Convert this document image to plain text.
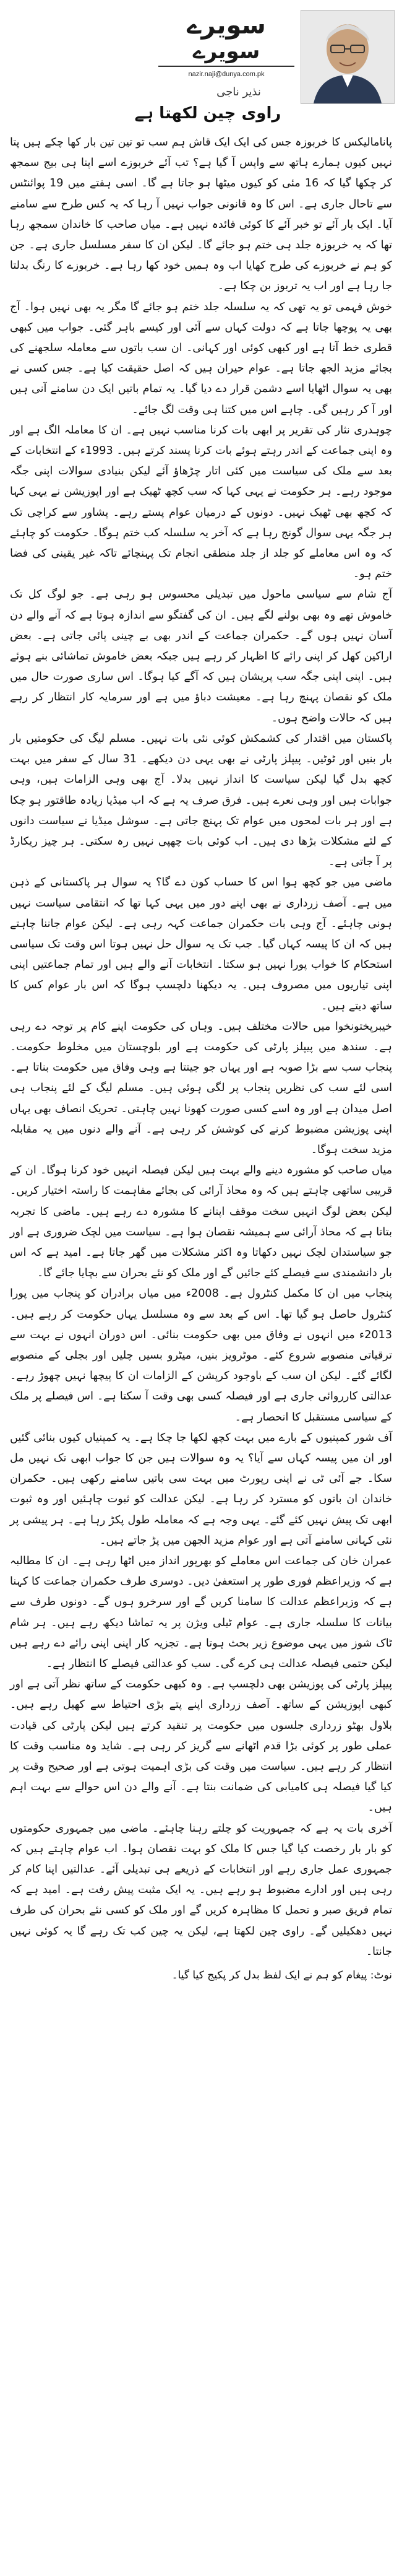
سویرے
سویرے
nazir.naji@dunya.com.pk
نذیر ناجی
راوی چین لکھتا ہے

پانامالیکس کا خربوزہ جس کی ایک ایک قاش ہم سب تو تین تین بار کھا چکے ہیں پتا نہیں کیوں ہمارے ہاتھ سے واپس آ گیا ہے؟ تب آئے خربوزے اسے اپنا ہی بیج سمجھ کر چکھا گیا کہ 16 مئی کو کیوں میٹھا ہو جاتا ہے گا۔ اسی ہفتے میں 19 پوائنٹس سے تاحال جاری ہے۔ اس کا وہ قانونی جواب نہیں آ رہا کہ یہ کس طرح سے سامنے آیا۔ ایک بار آئے تو خبر آئے کا کوئی فائدہ نہیں ہے۔ میاں صاحب کا خاندان سمجھ رہا تھا کہ یہ خربوزہ جلد ہی ختم ہو جائے گا۔ لیکن ان کا سفر مسلسل جاری ہے۔ جن کو ہم نے خربوزے کی طرح کھایا اب وہ ہمیں خود کھا رہا ہے۔ خربوزے کا رنگ بدلتا جا رہا ہے اور اب یہ تربوز بن چکا ہے۔

خوش فہمی تو یہ تھی کہ یہ سلسلہ جلد ختم ہو جائے گا مگر یہ بھی نہیں ہوا۔ آج بھی یہ پوچھا جاتا ہے کہ دولت کہاں سے آئی اور کیسے باہر گئی۔ جواب میں کبھی قطری خط آتا ہے اور کبھی کوئی اور کہانی۔ ان سب باتوں سے معاملہ سلجھنے کی بجائے مزید الجھ جاتا ہے۔ عوام حیران ہیں کہ اصل حقیقت کیا ہے۔ جس کسی نے بھی یہ سوال اٹھایا اسے دشمن قرار دے دیا گیا۔ یہ تمام باتیں ایک دن سامنے آنی ہیں اور آ کر رہیں گی۔ چاہے اس میں کتنا ہی وقت لگ جائے۔

چوہدری نثار کی تقریر پر ابھی بات کرنا مناسب نہیں ہے۔ ان کا معاملہ الگ ہے اور وہ اپنی جماعت کے اندر رہتے ہوئے بات کرنا پسند کرتے ہیں۔ 1993ء کے انتخابات کے بعد سے ملک کی سیاست میں کئی اتار چڑھاؤ آئے لیکن بنیادی سوالات اپنی جگہ موجود رہے۔ ہر حکومت نے یہی کہا کہ سب کچھ ٹھیک ہے اور اپوزیشن نے یہی کہا کہ کچھ بھی ٹھیک نہیں۔ دونوں کے درمیان عوام پستے رہے۔ پشاور سے کراچی تک ہر جگہ یہی سوال گونج رہا ہے کہ آخر یہ سلسلہ کب ختم ہوگا۔ حکومت کو چاہئے کہ وہ اس معاملے کو جلد از جلد منطقی انجام تک پہنچائے تاکہ غیر یقینی کی فضا ختم ہو۔

آج شام سے سیاسی ماحول میں تبدیلی محسوس ہو رہی ہے۔ جو لوگ کل تک خاموش تھے وہ بھی بولنے لگے ہیں۔ ان کی گفتگو سے اندازہ ہوتا ہے کہ آنے والے دن آسان نہیں ہوں گے۔ حکمران جماعت کے اندر بھی بے چینی پائی جاتی ہے۔ بعض اراکین کھل کر اپنی رائے کا اظہار کر رہے ہیں جبکہ بعض خاموش تماشائی بنے ہوئے ہیں۔ اپنی اپنی جگہ سب پریشان ہیں کہ آگے کیا ہوگا۔ اس ساری صورت حال میں ملک کو نقصان پہنچ رہا ہے۔ معیشت دباؤ میں ہے اور سرمایہ کار انتظار کر رہے ہیں کہ حالات واضح ہوں۔

پاکستان میں اقتدار کی کشمکش کوئی نئی بات نہیں۔ مسلم لیگ کی حکومتیں بار بار بنیں اور ٹوٹیں۔ پیپلز پارٹی نے بھی یہی دن دیکھے۔ 31 سال کے سفر میں بہت کچھ بدل گیا لیکن سیاست کا انداز نہیں بدلا۔ آج بھی وہی الزامات ہیں، وہی جوابات ہیں اور وہی نعرے ہیں۔ فرق صرف یہ ہے کہ اب میڈیا زیادہ طاقتور ہو چکا ہے اور ہر بات لمحوں میں عوام تک پہنچ جاتی ہے۔ سوشل میڈیا نے سیاست دانوں کے لئے مشکلات بڑھا دی ہیں۔ اب کوئی بات چھپی نہیں رہ سکتی۔ ہر چیز ریکارڈ پر آ جاتی ہے۔

ماضی میں جو کچھ ہوا اس کا حساب کون دے گا؟ یہ سوال ہر پاکستانی کے ذہن میں ہے۔ آصف زرداری نے بھی اپنے دور میں یہی کہا تھا کہ انتقامی سیاست نہیں ہونی چاہئے۔ آج وہی بات حکمران جماعت کہہ رہی ہے۔ لیکن عوام جاننا چاہتے ہیں کہ ان کا پیسہ کہاں گیا۔ جب تک یہ سوال حل نہیں ہوتا اس وقت تک سیاسی استحکام کا خواب پورا نہیں ہو سکتا۔ انتخابات آنے والے ہیں اور تمام جماعتیں اپنی اپنی تیاریوں میں مصروف ہیں۔ یہ دیکھنا دلچسپ ہوگا کہ اس بار عوام کس کا ساتھ دیتے ہیں۔

خیبرپختونخوا میں حالات مختلف ہیں۔ وہاں کی حکومت اپنے کام پر توجہ دے رہی ہے۔ سندھ میں پیپلز پارٹی کی حکومت ہے اور بلوچستان میں مخلوط حکومت۔ پنجاب سب سے بڑا صوبہ ہے اور یہاں جو جیتتا ہے وہی وفاق میں حکومت بناتا ہے۔ اسی لئے سب کی نظریں پنجاب پر لگی ہوئی ہیں۔ مسلم لیگ کے لئے پنجاب ہی اصل میدان ہے اور وہ اسے کسی صورت کھونا نہیں چاہتی۔ تحریک انصاف بھی یہاں اپنی پوزیشن مضبوط کرنے کی کوشش کر رہی ہے۔ آنے والے دنوں میں یہ مقابلہ مزید سخت ہوگا۔

میاں صاحب کو مشورہ دینے والے بہت ہیں لیکن فیصلہ انہیں خود کرنا ہوگا۔ ان کے قریبی ساتھی چاہتے ہیں کہ وہ محاذ آرائی کی بجائے مفاہمت کا راستہ اختیار کریں۔ لیکن بعض لوگ انہیں سخت موقف اپنانے کا مشورہ دے رہے ہیں۔ ماضی کا تجربہ بتاتا ہے کہ محاذ آرائی سے ہمیشہ نقصان ہوا ہے۔ سیاست میں لچک ضروری ہے اور جو سیاستدان لچک نہیں دکھاتا وہ اکثر مشکلات میں گھر جاتا ہے۔ امید ہے کہ اس بار دانشمندی سے فیصلے کئے جائیں گے اور ملک کو نئے بحران سے بچایا جائے گا۔

پنجاب میں ان کا مکمل کنٹرول ہے۔ 2008ء میں میاں برادران کو پنجاب میں پورا کنٹرول حاصل ہو گیا تھا۔ اس کے بعد سے وہ مسلسل یہاں حکومت کر رہے ہیں۔ 2013ء میں انہوں نے وفاق میں بھی حکومت بنائی۔ اس دوران انہوں نے بہت سے ترقیاتی منصوبے شروع کئے۔ موٹرویز بنیں، میٹرو بسیں چلیں اور بجلی کے منصوبے لگائے گئے۔ لیکن ان سب کے باوجود کرپشن کے الزامات ان کا پیچھا نہیں چھوڑ رہے۔ عدالتی کارروائی جاری ہے اور فیصلہ کسی بھی وقت آ سکتا ہے۔ اس فیصلے پر ملک کے سیاسی مستقبل کا انحصار ہے۔

آف شور کمپنیوں کے بارے میں بہت کچھ لکھا جا چکا ہے۔ یہ کمپنیاں کیوں بنائی گئیں اور ان میں پیسہ کہاں سے آیا؟ یہ وہ سوالات ہیں جن کا جواب ابھی تک نہیں مل سکا۔ جے آئی ٹی نے اپنی رپورٹ میں بہت سی باتیں سامنے رکھی ہیں۔ حکمران خاندان ان باتوں کو مسترد کر رہا ہے۔ لیکن عدالت کو ثبوت چاہئیں اور وہ ثبوت ابھی تک پیش نہیں کئے گئے۔ یہی وجہ ہے کہ معاملہ طول پکڑ رہا ہے۔ ہر پیشی پر نئی کہانی سامنے آتی ہے اور عوام مزید الجھن میں پڑ جاتے ہیں۔

عمران خان کی جماعت اس معاملے کو بھرپور انداز میں اٹھا رہی ہے۔ ان کا مطالبہ ہے کہ وزیراعظم فوری طور پر استعفیٰ دیں۔ دوسری طرف حکمران جماعت کا کہنا ہے کہ وزیراعظم عدالت کا سامنا کریں گے اور سرخرو ہوں گے۔ دونوں طرف سے بیانات کا سلسلہ جاری ہے۔ عوام ٹیلی ویژن پر یہ تماشا دیکھ رہے ہیں۔ ہر شام ٹاک شوز میں یہی موضوع زیر بحث ہوتا ہے۔ تجزیہ کار اپنی اپنی رائے دے رہے ہیں لیکن حتمی فیصلہ عدالت ہی کرے گی۔ سب کو عدالتی فیصلے کا انتظار ہے۔

پیپلز پارٹی کی پوزیشن بھی دلچسپ ہے۔ وہ کبھی حکومت کے ساتھ نظر آتی ہے اور کبھی اپوزیشن کے ساتھ۔ آصف زرداری اپنے پتے بڑی احتیاط سے کھیل رہے ہیں۔ بلاول بھٹو زرداری جلسوں میں حکومت پر تنقید کرتے ہیں لیکن پارٹی کی قیادت عملی طور پر کوئی بڑا قدم اٹھانے سے گریز کر رہی ہے۔ شاید وہ مناسب وقت کا انتظار کر رہے ہیں۔ سیاست میں وقت کی بڑی اہمیت ہوتی ہے اور صحیح وقت پر کیا گیا فیصلہ ہی کامیابی کی ضمانت بنتا ہے۔ آنے والے دن اس حوالے سے بہت اہم ہیں۔

آخری بات یہ ہے کہ جمہوریت کو چلتے رہنا چاہئے۔ ماضی میں جمہوری حکومتوں کو بار بار رخصت کیا گیا جس کا ملک کو بہت نقصان ہوا۔ اب عوام چاہتے ہیں کہ جمہوری عمل جاری رہے اور انتخابات کے ذریعے ہی تبدیلی آئے۔ عدالتیں اپنا کام کر رہی ہیں اور ادارے مضبوط ہو رہے ہیں۔ یہ ایک مثبت پیش رفت ہے۔ امید ہے کہ تمام فریق صبر و تحمل کا مظاہرہ کریں گے اور ملک کو کسی نئے بحران کی طرف نہیں دھکیلیں گے۔ راوی چین لکھتا ہے، لیکن یہ چین کب تک رہے گا یہ کوئی نہیں جانتا۔

نوٹ: پیغام کو ہم نے ایک لفظ بدل کر پکیج کیا گیا۔
